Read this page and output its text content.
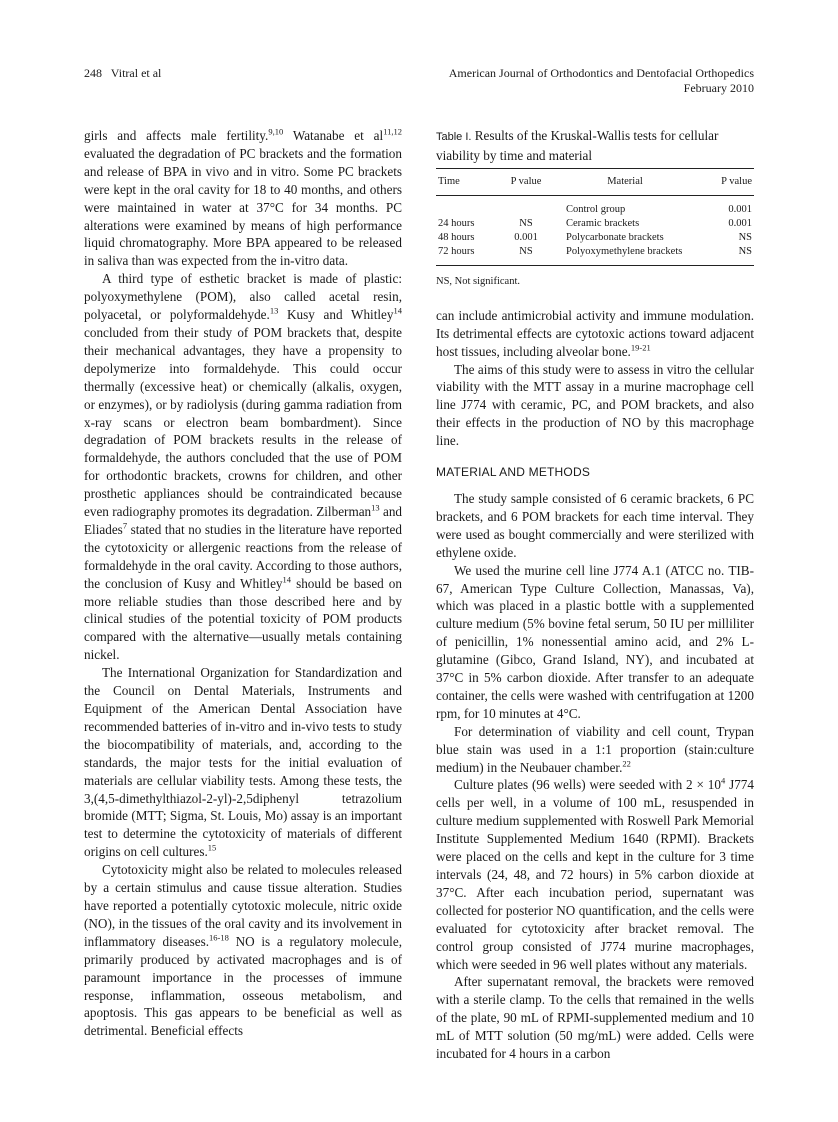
248 Vitral et al	American Journal of Orthodontics and Dentofacial Orthopedics
February 2010

girls and affects male fertility.$^{9,10}$ Watanabe et al$^{11,12}$ evaluated the degradation of PC brackets and the formation and release of BPA in vivo and in vitro. Some PC brackets were kept in the oral cavity for 18 to 40 months, and others were maintained in water at 37°C for 34 months. PC alterations were examined by means of high performance liquid chromatography. More BPA appeared to be released in saliva than was expected from the in-vitro data.

A third type of esthetic bracket is made of plastic: polyoxymethylene (POM), also called acetal resin, polyacetal, or polyformaldehyde.$^{13}$ Kusy and Whitley$^{14}$ concluded from their study of POM brackets that, despite their mechanical advantages, they have a propensity to depolymerize into formaldehyde. This could occur thermally (excessive heat) or chemically (alkalis, oxygen, or enzymes), or by radiolysis (during gamma radiation from x-ray scans or electron beam bombardment). Since degradation of POM brackets results in the release of formaldehyde, the authors concluded that the use of POM for orthodontic brackets, crowns for children, and other prosthetic appliances should be contraindicated because even radiography promotes its degradation. Zilberman$^{13}$ and Eliades$^7$ stated that no studies in the literature have reported the cytotoxicity or allergenic reactions from the release of formaldehyde in the oral cavity. According to those authors, the conclusion of Kusy and Whitley$^{14}$ should be based on more reliable studies than those described here and by clinical studies of the potential toxicity of POM products compared with the alternative—usually metals containing nickel.

The International Organization for Standardization and the Council on Dental Materials, Instruments and Equipment of the American Dental Association have recommended batteries of in-vitro and in-vivo tests to study the biocompatibility of materials, and, according to the standards, the major tests for the initial evaluation of materials are cellular viability tests. Among these tests, the 3,(4,5-dimethylthiazol-2-yl)-2,5diphenyl tetrazolium bromide (MTT; Sigma, St. Louis, Mo) assay is an important test to determine the cytotoxicity of materials of different origins on cell cultures.$^{15}$

Cytotoxicity might also be related to molecules released by a certain stimulus and cause tissue alteration. Studies have reported a potentially cytotoxic molecule, nitric oxide (NO), in the tissues of the oral cavity and its involvement in inflammatory diseases.$^{16-18}$ NO is a regulatory molecule, primarily produced by activated macrophages and is of paramount importance in the processes of immune response, inflammation, osseous metabolism, and apoptosis. This gas appears to be beneficial as well as detrimental. Beneficial effects

Table I. Results of the Kruskal-Wallis tests for cellular viability by time and material
Time	P value	Material	P value
		Control group	0.001
24 hours	NS	Ceramic brackets	0.001
48 hours	0.001	Polycarbonate brackets	NS
72 hours	NS	Polyoxymethylene brackets	NS
NS, Not significant.

can include antimicrobial activity and immune modulation. Its detrimental effects are cytotoxic actions toward adjacent host tissues, including alveolar bone.$^{19-21}$

The aims of this study were to assess in vitro the cellular viability with the MTT assay in a murine macrophage cell line J774 with ceramic, PC, and POM brackets, and also their effects in the production of NO by this macrophage line.

MATERIAL AND METHODS

The study sample consisted of 6 ceramic brackets, 6 PC brackets, and 6 POM brackets for each time interval. They were used as bought commercially and were sterilized with ethylene oxide.

We used the murine cell line J774 A.1 (ATCC no. TIB-67, American Type Culture Collection, Manassas, Va), which was placed in a plastic bottle with a supplemented culture medium (5% bovine fetal serum, 50 IU per milliliter of penicillin, 1% nonessential amino acid, and 2% L-glutamine (Gibco, Grand Island, NY), and incubated at 37°C in 5% carbon dioxide. After transfer to an adequate container, the cells were washed with centrifugation at 1200 rpm, for 10 minutes at 4°C.

For determination of viability and cell count, Trypan blue stain was used in a 1:1 proportion (stain:culture medium) in the Neubauer chamber.$^{22}$

Culture plates (96 wells) were seeded with $2 \times 10^4$ J774 cells per well, in a volume of 100 mL, resuspended in culture medium supplemented with Roswell Park Memorial Institute Supplemented Medium 1640 (RPMI). Brackets were placed on the cells and kept in the culture for 3 time intervals (24, 48, and 72 hours) in 5% carbon dioxide at 37°C. After each incubation period, supernatant was collected for posterior NO quantification, and the cells were evaluated for cytotoxicity after bracket removal. The control group consisted of J774 murine macrophages, which were seeded in 96 well plates without any materials.

After supernatant removal, the brackets were removed with a sterile clamp. To the cells that remained in the wells of the plate, 90 mL of RPMI-supplemented medium and 10 mL of MTT solution (50 mg/mL) were added. Cells were incubated for 4 hours in a carbon
